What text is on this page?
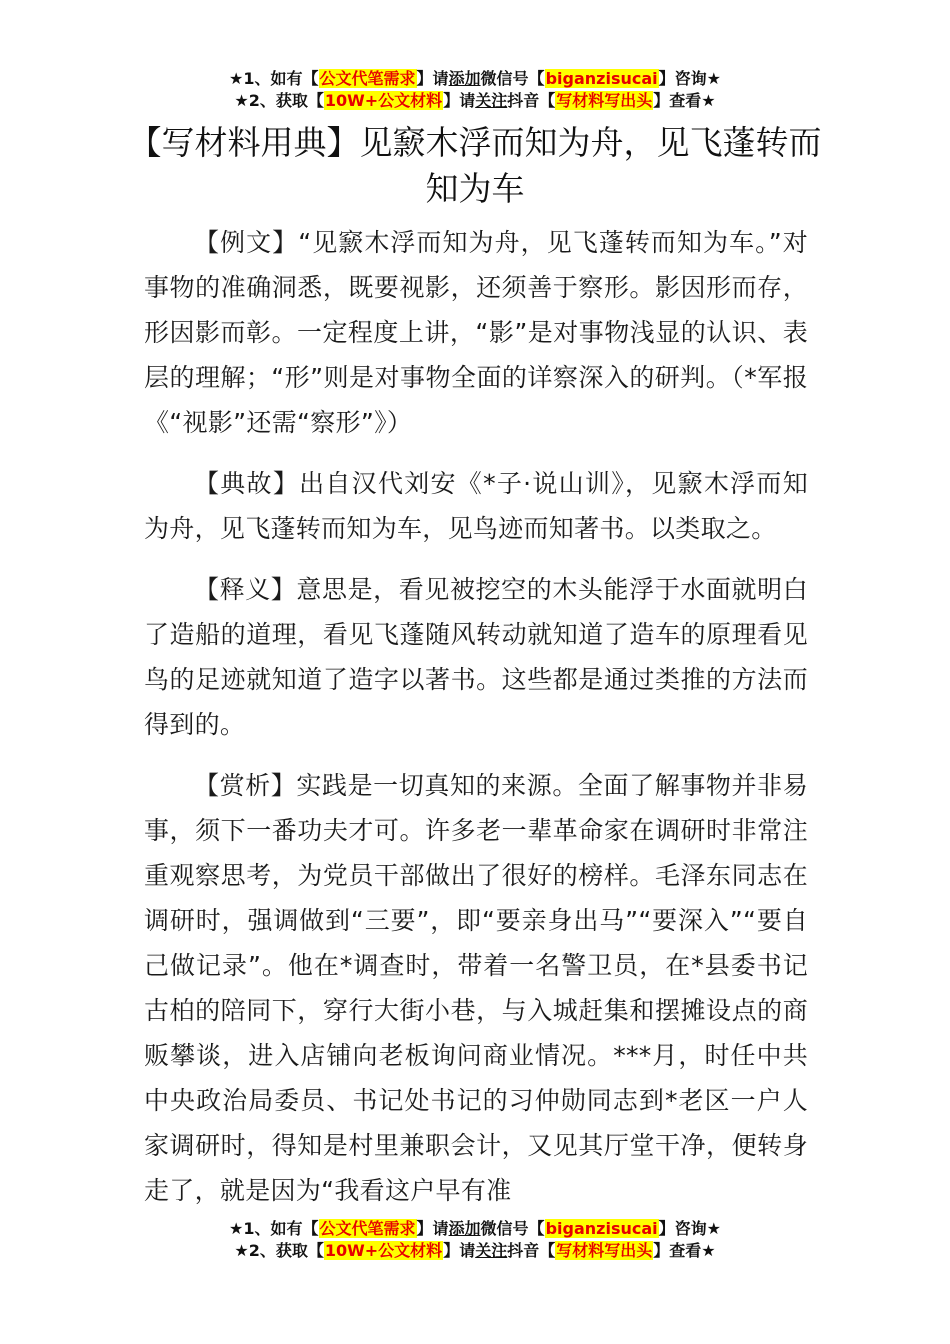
★1、如有【公文代笔需求】请添加微信号【biganzisucai】咨询★
★2、获取【10W+公文材料】请关注抖音【写材料写出头】查看★
【写材料用典】见窾木浮而知为舟，见飞蓬转而知为车

【例文】“见窾木浮而知为舟，见飞蓬转而知为车。”对事物的准确洞悉，既要视影，还须善于察形。影因形而存，形因影而彰。一定程度上讲，“影”是对事物浅显的认识、表层的理解；“形”则是对事物全面的详察深入的研判。（*军报《“视影”还需“察形”》）

【典故】出自汉代刘安《*子·说山训》，见窾木浮而知为舟，见飞蓬转而知为车，见鸟迹而知著书。以类取之。

【释义】意思是，看见被挖空的木头能浮于水面就明白了造船的道理，看见飞蓬随风转动就知道了造车的原理看见鸟的足迹就知道了造字以著书。这些都是通过类推的方法而得到的。

【赏析】实践是一切真知的来源。全面了解事物并非易事，须下一番功夫才可。许多老一辈革命家在调研时非常注重观察思考，为党员干部做出了很好的榜样。毛泽东同志在调研时，强调做到“三要”，即“要亲身出马”“要深入”“要自己做记录”。他在*调查时，带着一名警卫员，在*县委书记古柏的陪同下，穿行大街小巷，与入城赶集和摆摊设点的商贩攀谈，进入店铺向老板询问商业情况。***月，时任中共中央政治局委员、书记处书记的习仲勋同志到*老区一户人家调研时，得知是村里兼职会计，又见其厅堂干净，便转身走了，就是因为“我看这户早有准

★1、如有【公文代笔需求】请添加微信号【biganzisucai】咨询★
★2、获取【10W+公文材料】请关注抖音【写材料写出头】查看★
